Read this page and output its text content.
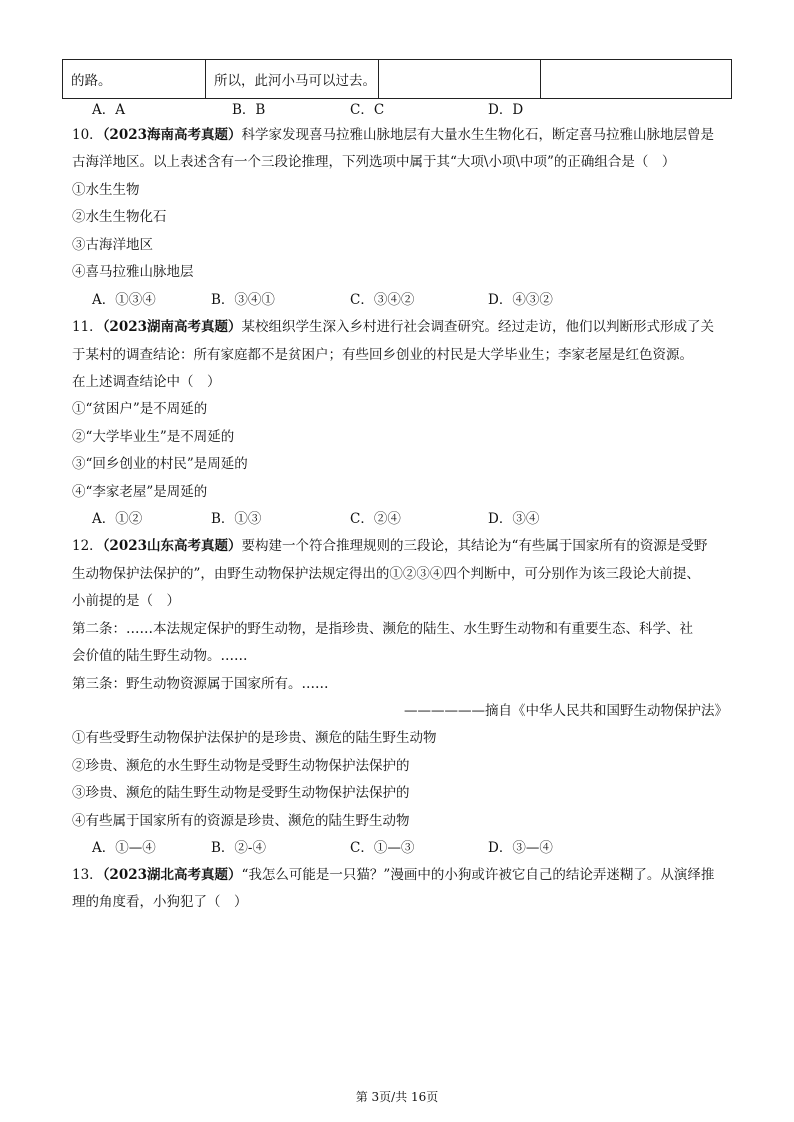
的路。	所以，此河小马可以过去。		
A．A	B．B	C．C	D．D
10．（2023海南高考真题）科学家发现喜马拉雅山脉地层有大量水生生物化石，断定喜马拉雅山脉地层曾是
古海洋地区。以上表述含有一个三段论推理，下列选项中属于其“大项\小项\中项”的正确组合是（　）
①水生生物
②水生生物化石
③古海洋地区
④喜马拉雅山脉地层
A．①③④	B．③④①	C．③④②	D．④③②
11．（2023湖南高考真题）某校组织学生深入乡村进行社会调查研究。经过走访，他们以判断形式形成了关
于某村的调查结论：所有家庭都不是贫困户；有些回乡创业的村民是大学毕业生；李家老屋是红色资源。
在上述调查结论中（　）
①“贫困户”是不周延的
②“大学毕业生”是不周延的
③“回乡创业的村民”是周延的
④“李家老屋”是周延的
A．①②	B．①③	C．②④	D．③④
12．（2023山东高考真题）要构建一个符合推理规则的三段论，其结论为“有些属于国家所有的资源是受野
生动物保护法保护的”，由野生动物保护法规定得出的①②③④四个判断中，可分别作为该三段论大前提、
小前提的是（　）
第二条：……本法规定保护的野生动物，是指珍贵、濒危的陆生、水生野生动物和有重要生态、科学、社
会价值的陆生野生动物。……
第三条：野生动物资源属于国家所有。……
——————摘自《中华人民共和国野生动物保护法》
①有些受野生动物保护法保护的是珍贵、濒危的陆生野生动物
②珍贵、濒危的水生野生动物是受野生动物保护法保护的
③珍贵、濒危的陆生野生动物是受野生动物保护法保护的
④有些属于国家所有的资源是珍贵、濒危的陆生野生动物
A．①—④	B．②-④	C．①—③	D．③—④
13．（2023湖北高考真题）“我怎么可能是一只猫？”漫画中的小狗或许被它自己的结论弄迷糊了。从演绎推
理的角度看，小狗犯了（　）
第 3页/共 16页
